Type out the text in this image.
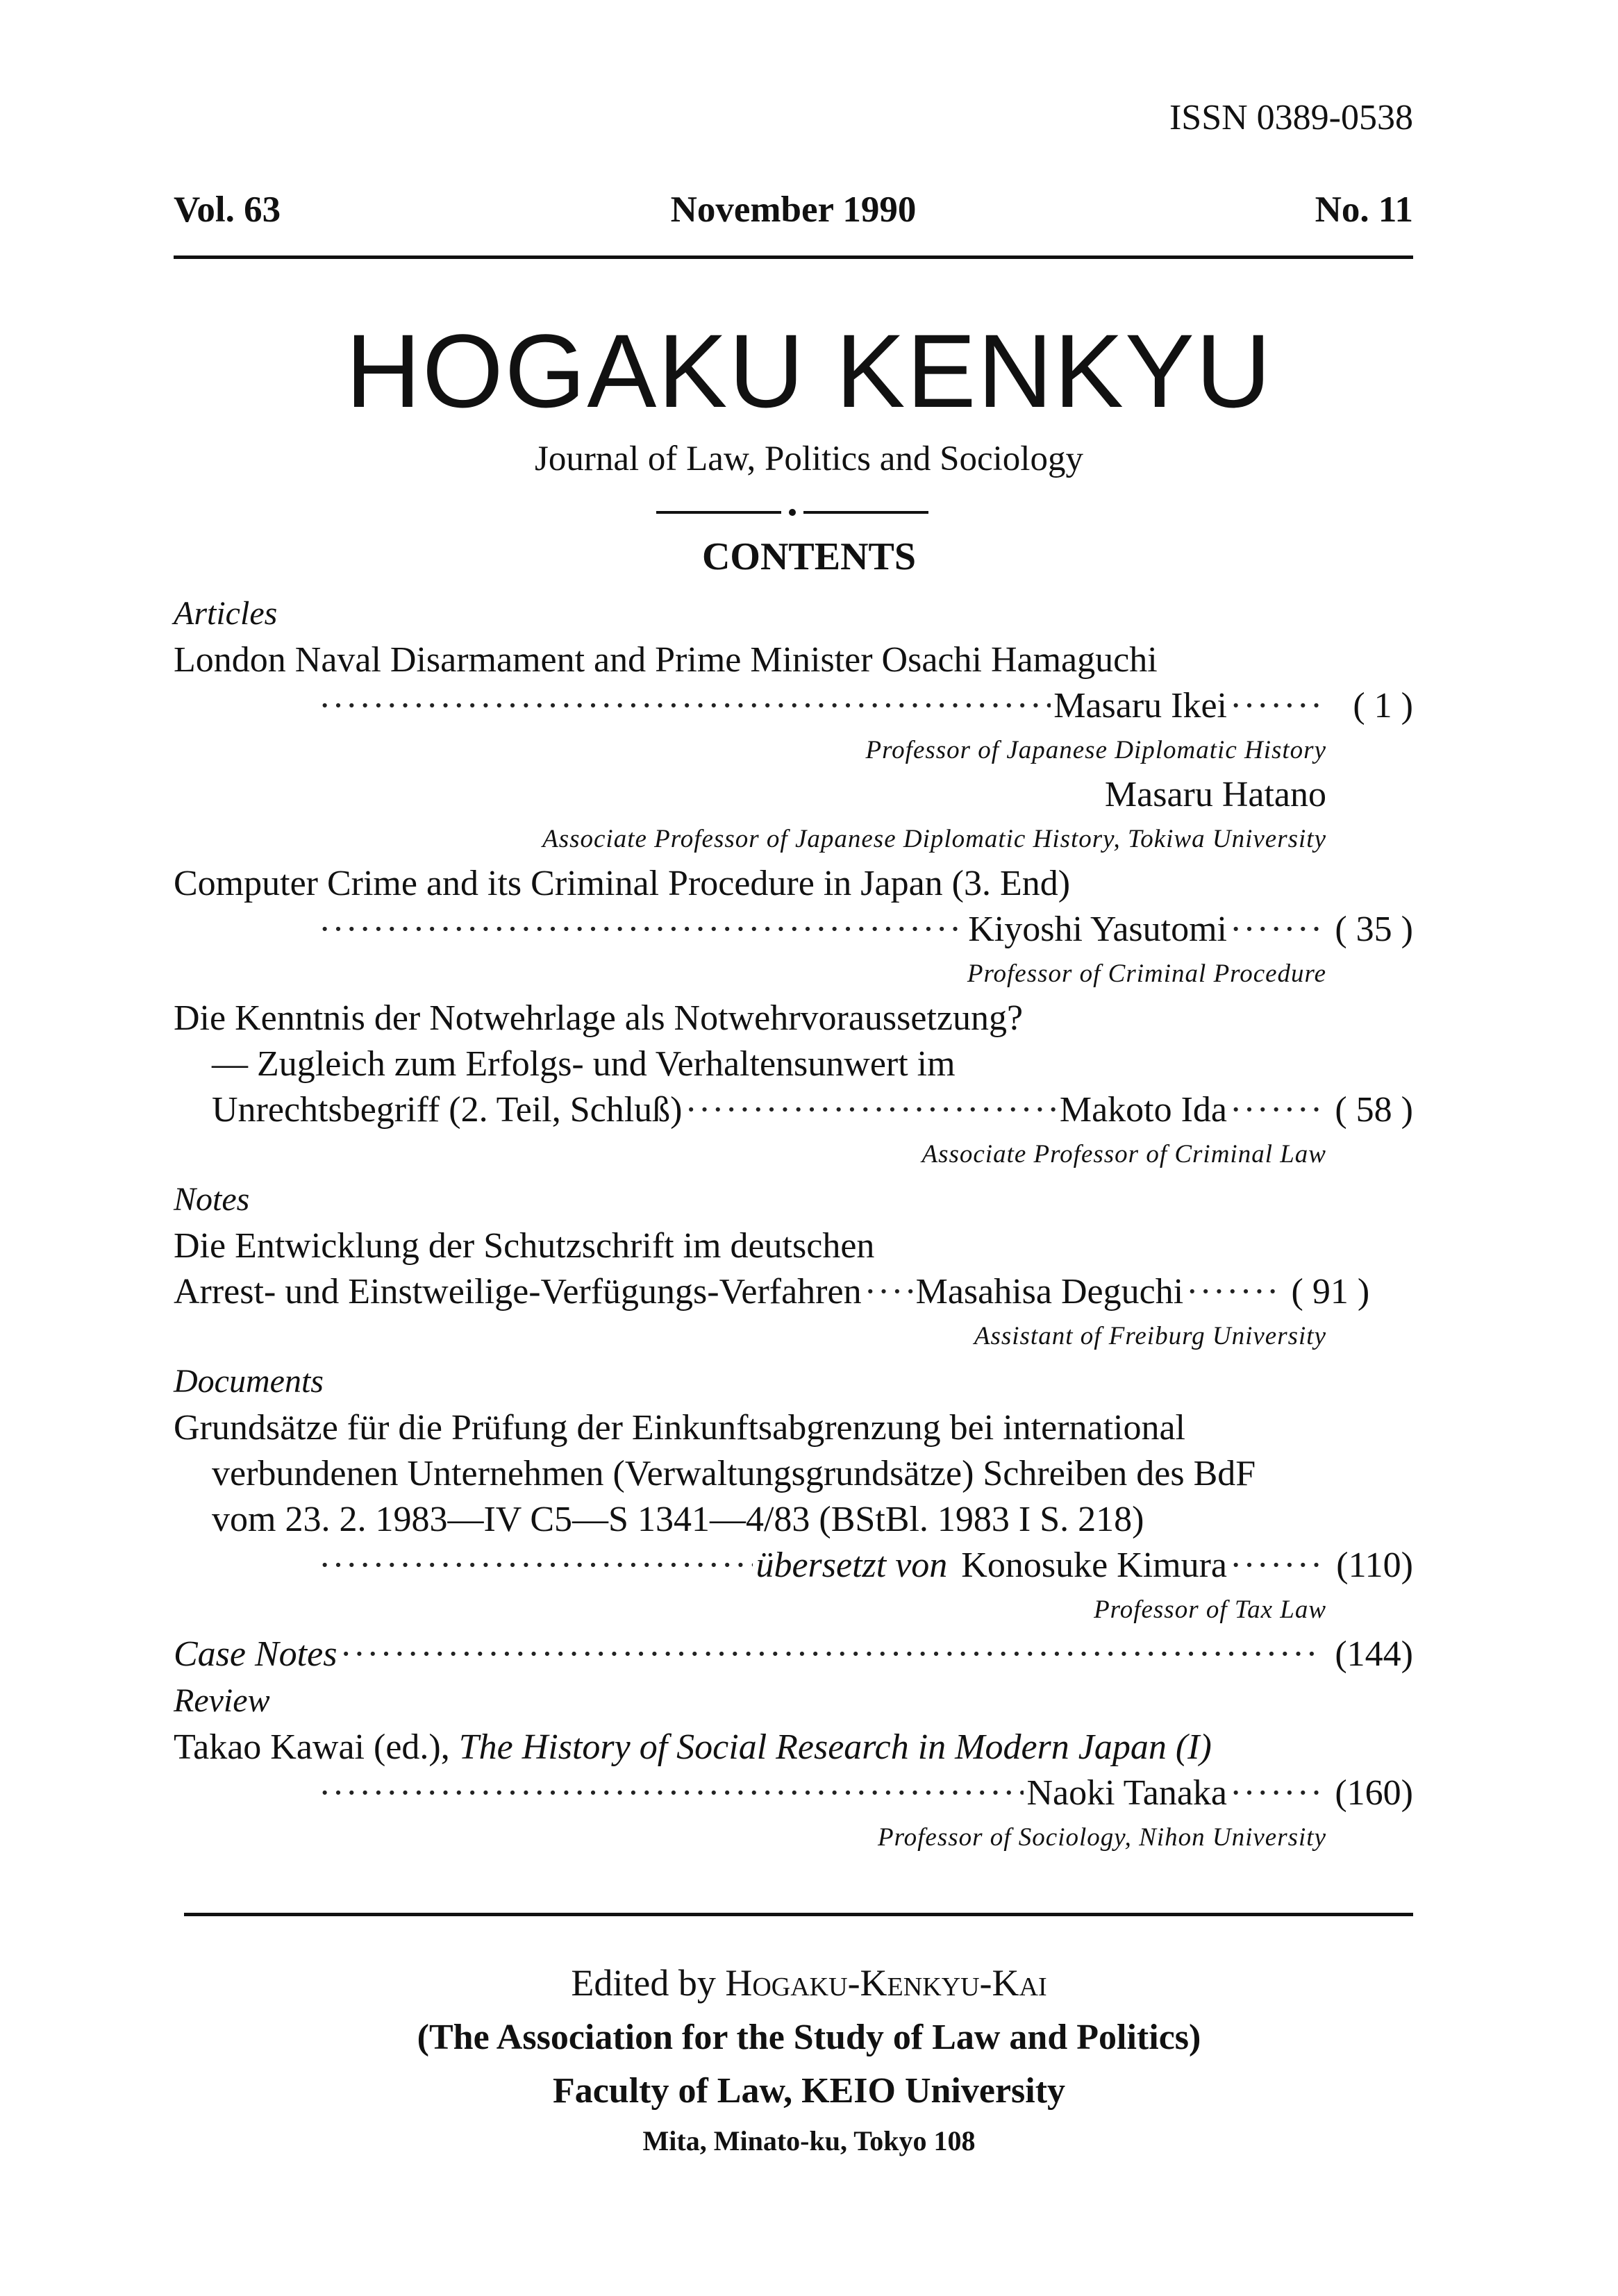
ISSN 0389-0538
Vol. 63	November 1990	No. 11
HOGAKU KENKYU
Journal of Law, Politics and Sociology
CONTENTS
Articles
London Naval Disarmament and Prime Minister Osachi Hamaguchi
·····
Masaru Ikei ·····	( 1 )
Professor of Japanese Diplomatic History
Masaru Hatano
Associate Professor of Japanese Diplomatic History, Tokiwa University
Computer Crime and its Criminal Procedure in Japan (3. End)
·····
Kiyoshi Yasutomi ·····	( 35 )
Professor of Criminal Procedure
Die Kenntnis der Notwehrlage als Notwehrvoraussetzung?
— Zugleich zum Erfolgs- und Verhaltensunwert im
Unrechtsbegriff (2. Teil, Schluß) ·····	Makoto Ida ·····	( 58 )
Associate Professor of Criminal Law
Notes
Die Entwicklung der Schutzschrift im deutschen
Arrest- und Einstweilige-Verfügungs-Verfahren ····· Masahisa Deguchi ·····	( 91 )
Assistant of Freiburg University
Documents
Grundsätze für die Prüfung der Einkunftsabgrenzung bei international
verbundenen Unternehmen (Verwaltungsgrundsätze) Schreiben des BdF
vom 23. 2. 1983—IV C5—S 1341—4/83 (BStBl. 1983 I S. 218)
·····
übersetzt von Konosuke Kimura ·····	(110)
Professor of Tax Law
Case Notes ·····	(144)
Review
Takao Kawai (ed.), The History of Social Research in Modern Japan (I)
·····
Naoki Tanaka ·····	(160)
Professor of Sociology, Nihon University
Edited by Hogaku-Kenkyu-Kai
(The Association for the Study of Law and Politics)
Faculty of Law, KEIO University
Mita, Minato-ku, Tokyo 108
